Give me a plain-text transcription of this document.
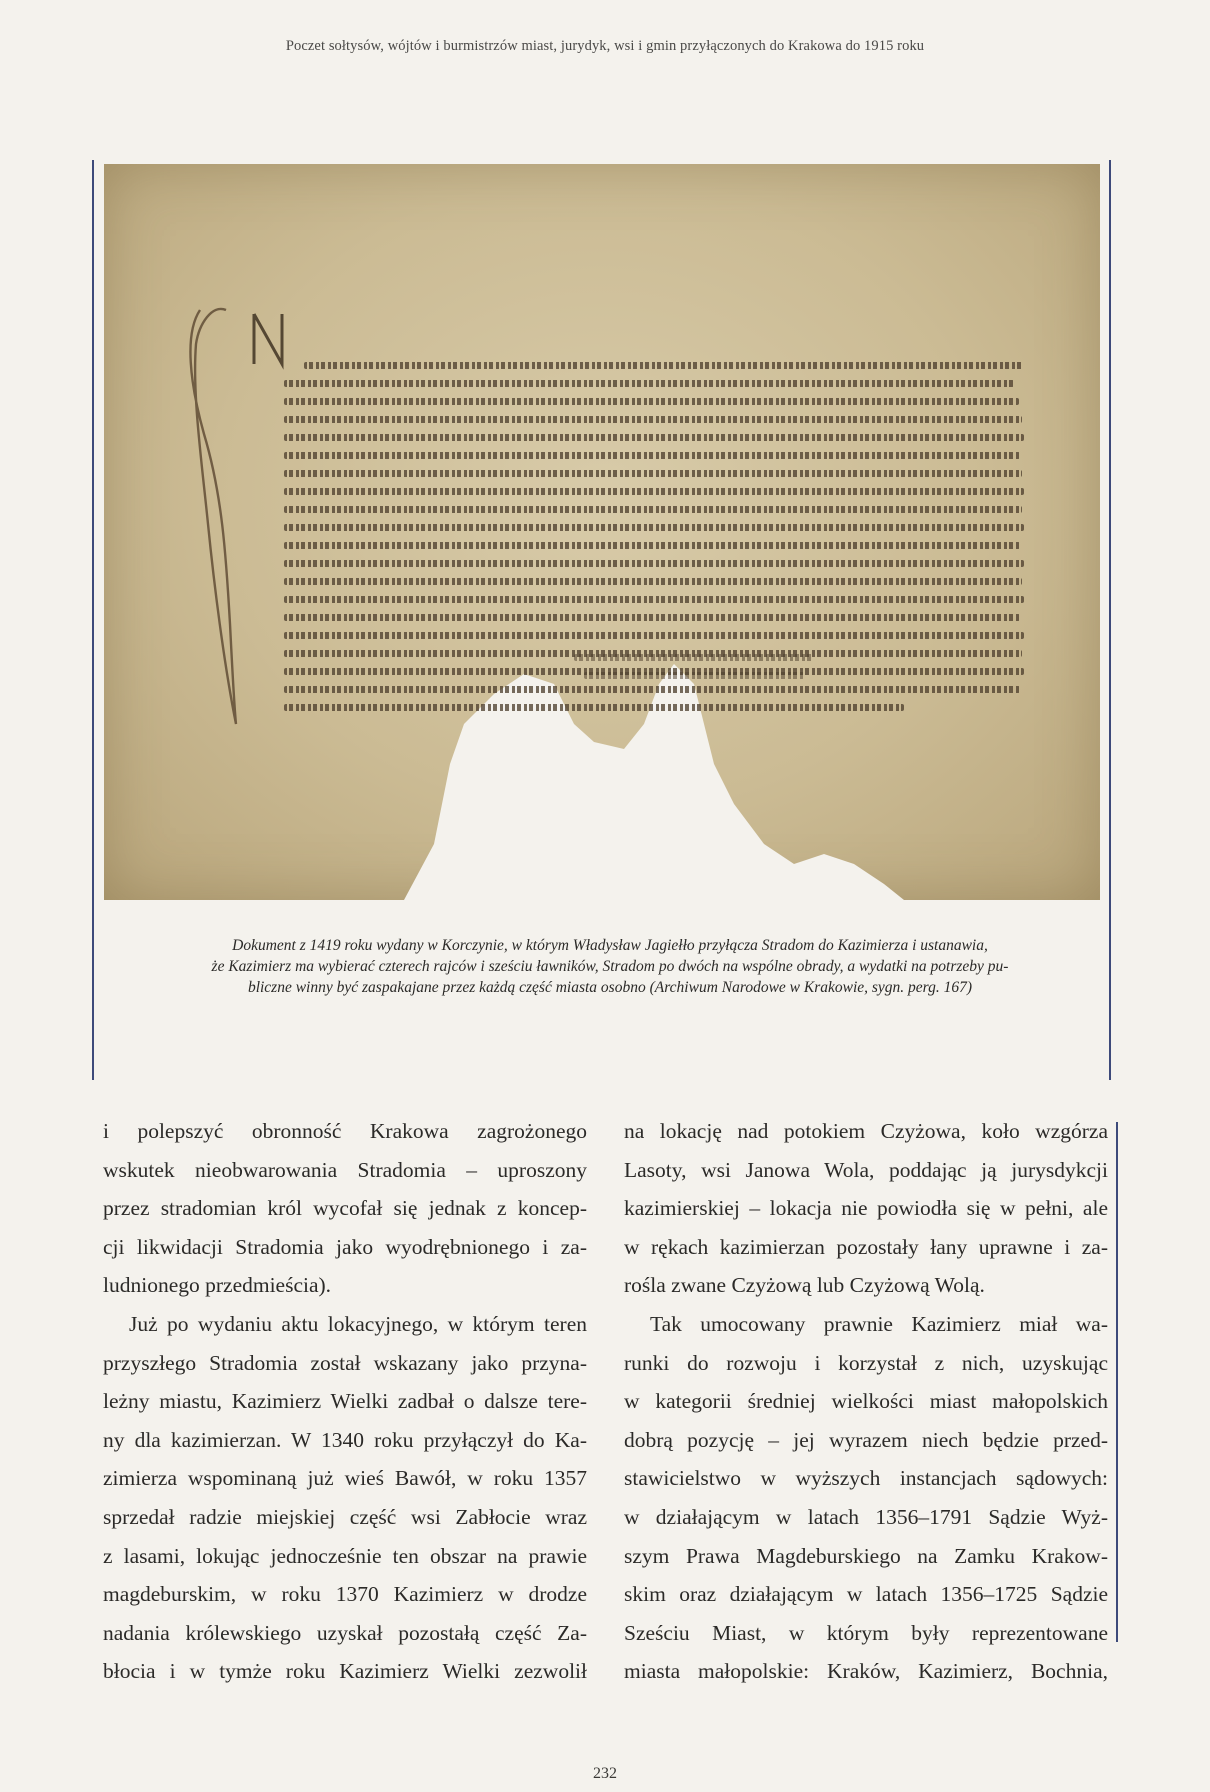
Poczet sołtysów, wójtów i burmistrzów miast, jurydyk, wsi i gmin przyłączonych do Krakowa do 1915 roku

Dokument z 1419 roku wydany w Korczynie, w którym Władysław Jagiełło przyłącza Stradom do Kazimierza i ustanawia,

że Kazimierz ma wybierać czterech rajców i sześciu ławników, Stradom po dwóch na wspólne obrady, a wydatki na potrzeby pu-

bliczne winny być zaspakajane przez każdą część miasta osobno (Archiwum Narodowe w Krakowie, sygn. perg. 167)

i polepszyć obronność Krakowa zagrożonego
wskutek nieobwarowania Stradomia – uproszony
przez stradomian król wycofał się jednak z koncep-
cji likwidacji Stradomia jako wyodrębnionego i za-
ludnionego przedmieścia).

Już po wydaniu aktu lokacyjnego, w którym teren
przyszłego Stradomia został wskazany jako przyna-
leżny miastu, Kazimierz Wielki zadbał o dalsze tere-
ny dla kazimierzan. W 1340 roku przyłączył do Ka-
zimierza wspominaną już wieś Bawół, w roku 1357
sprzedał radzie miejskiej część wsi Zabłocie wraz
z lasami, lokując jednocześnie ten obszar na prawie
magdeburskim, w roku 1370 Kazimierz w drodze
nadania królewskiego uzyskał pozostałą część Za-
błocia i w tymże roku Kazimierz Wielki zezwolił

na lokację nad potokiem Czyżowa, koło wzgórza
Lasoty, wsi Janowa Wola, poddając ją jurysdykcji
kazimierskiej – lokacja nie powiodła się w pełni, ale
w rękach kazimierzan pozostały łany uprawne i za-
rośla zwane Czyżową lub Czyżową Wolą.

Tak umocowany prawnie Kazimierz miał wa-
runki do rozwoju i korzystał z nich, uzyskując
w kategorii średniej wielkości miast małopolskich
dobrą pozycję – jej wyrazem niech będzie przed-
stawicielstwo w wyższych instancjach sądowych:
w działającym w latach 1356–1791 Sądzie Wyż-
szym Prawa Magdeburskiego na Zamku Krakow-
skim oraz działającym w latach 1356–1725 Sądzie
Sześciu Miast, w którym były reprezentowane
miasta małopolskie: Kraków, Kazimierz, Bochnia,

232
